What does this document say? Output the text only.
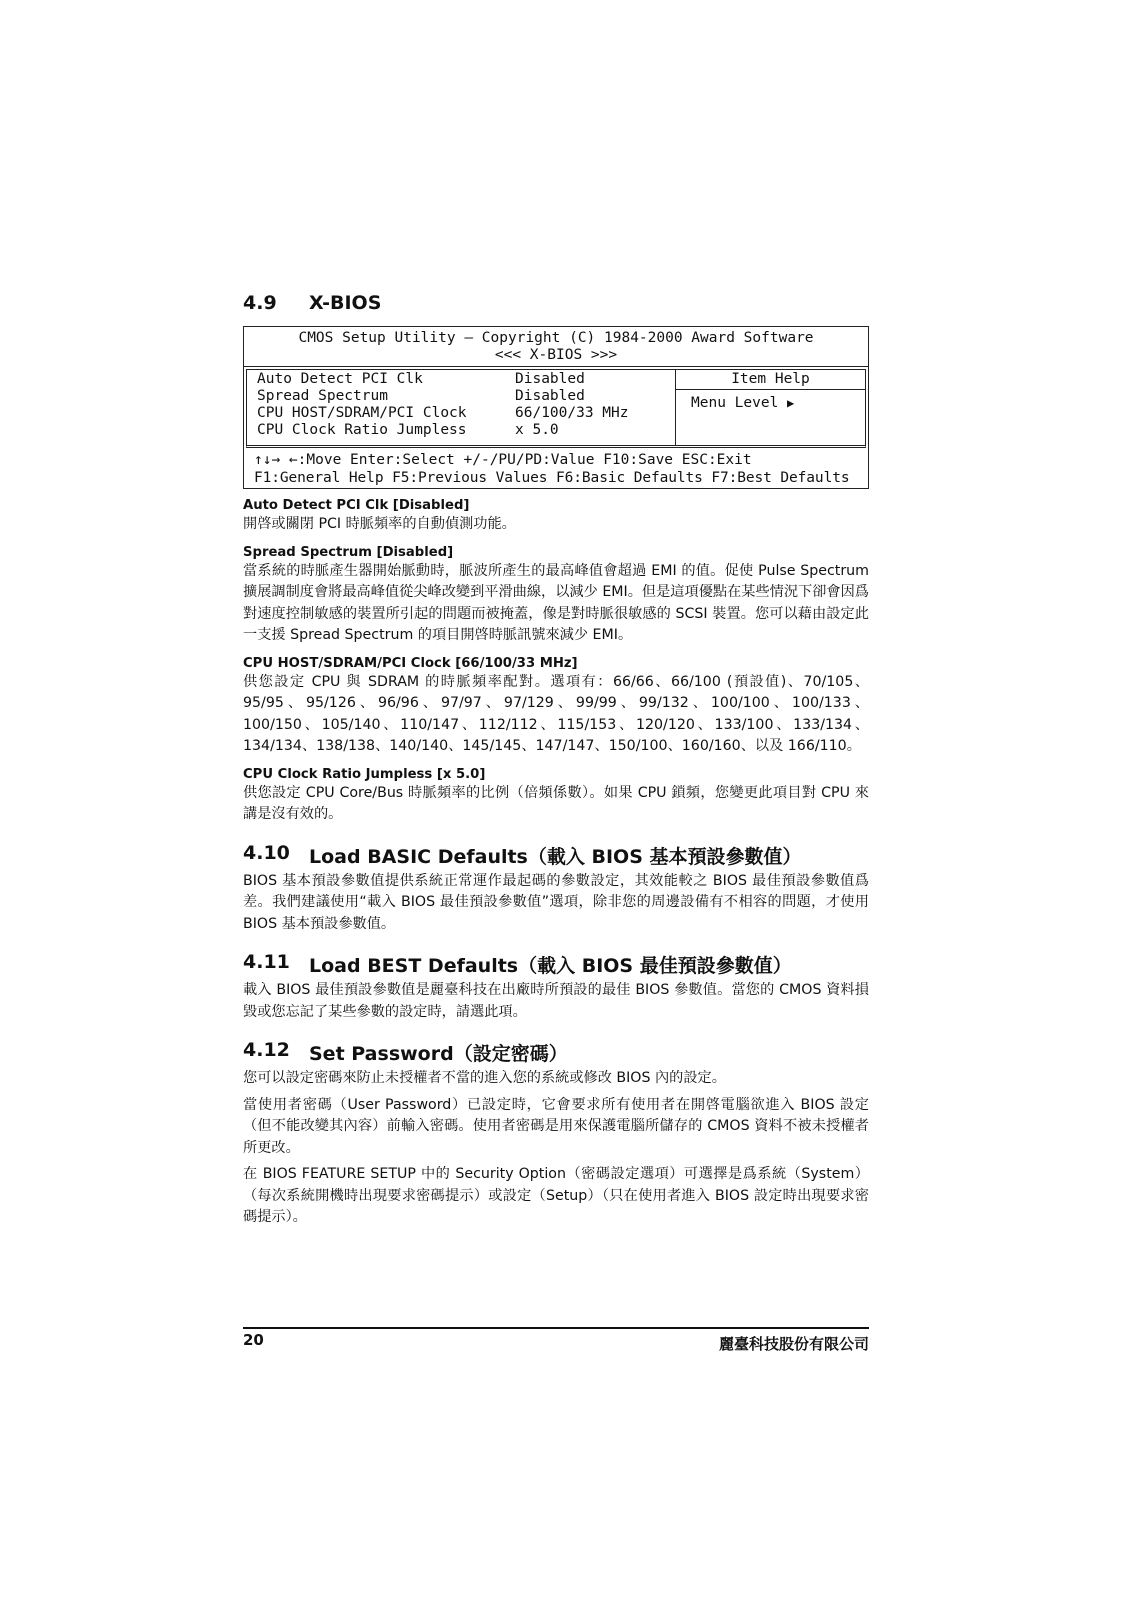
4.9	X-BIOS
CMOS Setup Utility – Copyright (C) 1984-2000 Award Software
<<< X-BIOS >>>
Auto Detect PCI Clk	Disabled
Spread Spectrum	Disabled
CPU HOST/SDRAM/PCI Clock	66/100/33 MHz
CPU Clock Ratio Jumpless	x 5.0
Item Help
Menu Level ▶
↑↓→ ←:Move Enter:Select +/-/PU/PD:Value F10:Save ESC:Exit
F1:General Help F5:Previous Values F6:Basic Defaults F7:Best Defaults
Auto Detect PCI Clk [Disabled]

開啓或關閉 PCI 時脈頻率的自動偵測功能。

Spread Spectrum [Disabled]

當系統的時脈產生器開始脈動時，脈波所產生的最高峰值會超過 EMI 的值。促使 Pulse Spectrum 擴展調制度會將最高峰值從尖峰改變到平滑曲線，以減少 EMI。但是這項優點在某些情況下卻會因爲對速度控制敏感的裝置所引起的問題而被掩蓋，像是對時脈很敏感的 SCSI 裝置。您可以藉由設定此一支援 Spread Spectrum 的項目開啓時脈訊號來減少 EMI。

CPU HOST/SDRAM/PCI Clock [66/100/33 MHz]

供您設定 CPU 與 SDRAM 的時脈頻率配對。選項有：66/66、66/100 (預設值)、70/105、95/95、95/126、96/96、97/97、97/129、99/99、99/132、100/100、100/133、100/150、105/140、110/147、112/112、115/153、120/120、133/100、133/134、134/134、138/138、140/140、145/145、147/147、150/100、160/160、以及 166/110。

CPU Clock Ratio Jumpless [x 5.0]

供您設定 CPU Core/Bus 時脈頻率的比例（倍頻係數）。如果 CPU 鎖頻，您變更此項目對 CPU 來講是沒有效的。

4.10	Load BASIC Defaults（載入 BIOS 基本預設參數值）

BIOS 基本預設參數值提供系統正常運作最起碼的參數設定，其效能較之 BIOS 最佳預設參數值爲差。我們建議使用“載入 BIOS 最佳預設參數值”選項，除非您的周邊設備有不相容的問題，才使用 BIOS 基本預設參數值。

4.11	Load BEST Defaults（載入 BIOS 最佳預設參數值）

載入 BIOS 最佳預設參數值是麗臺科技在出廠時所預設的最佳 BIOS 參數值。當您的 CMOS 資料損毀或您忘記了某些參數的設定時，請選此項。

4.12	Set Password（設定密碼）

您可以設定密碼來防止未授權者不當的進入您的系統或修改 BIOS 內的設定。

當使用者密碼（User Password）已設定時，它會要求所有使用者在開啓電腦欲進入 BIOS 設定（但不能改變其內容）前輸入密碼。使用者密碼是用來保護電腦所儲存的 CMOS 資料不被未授權者所更改。

在 BIOS FEATURE SETUP 中的 Security Option（密碼設定選項）可選擇是爲系統（System）（每次系統開機時出現要求密碼提示）或設定（Setup）（只在使用者進入 BIOS 設定時出現要求密碼提示）。

20	麗臺科技股份有限公司
